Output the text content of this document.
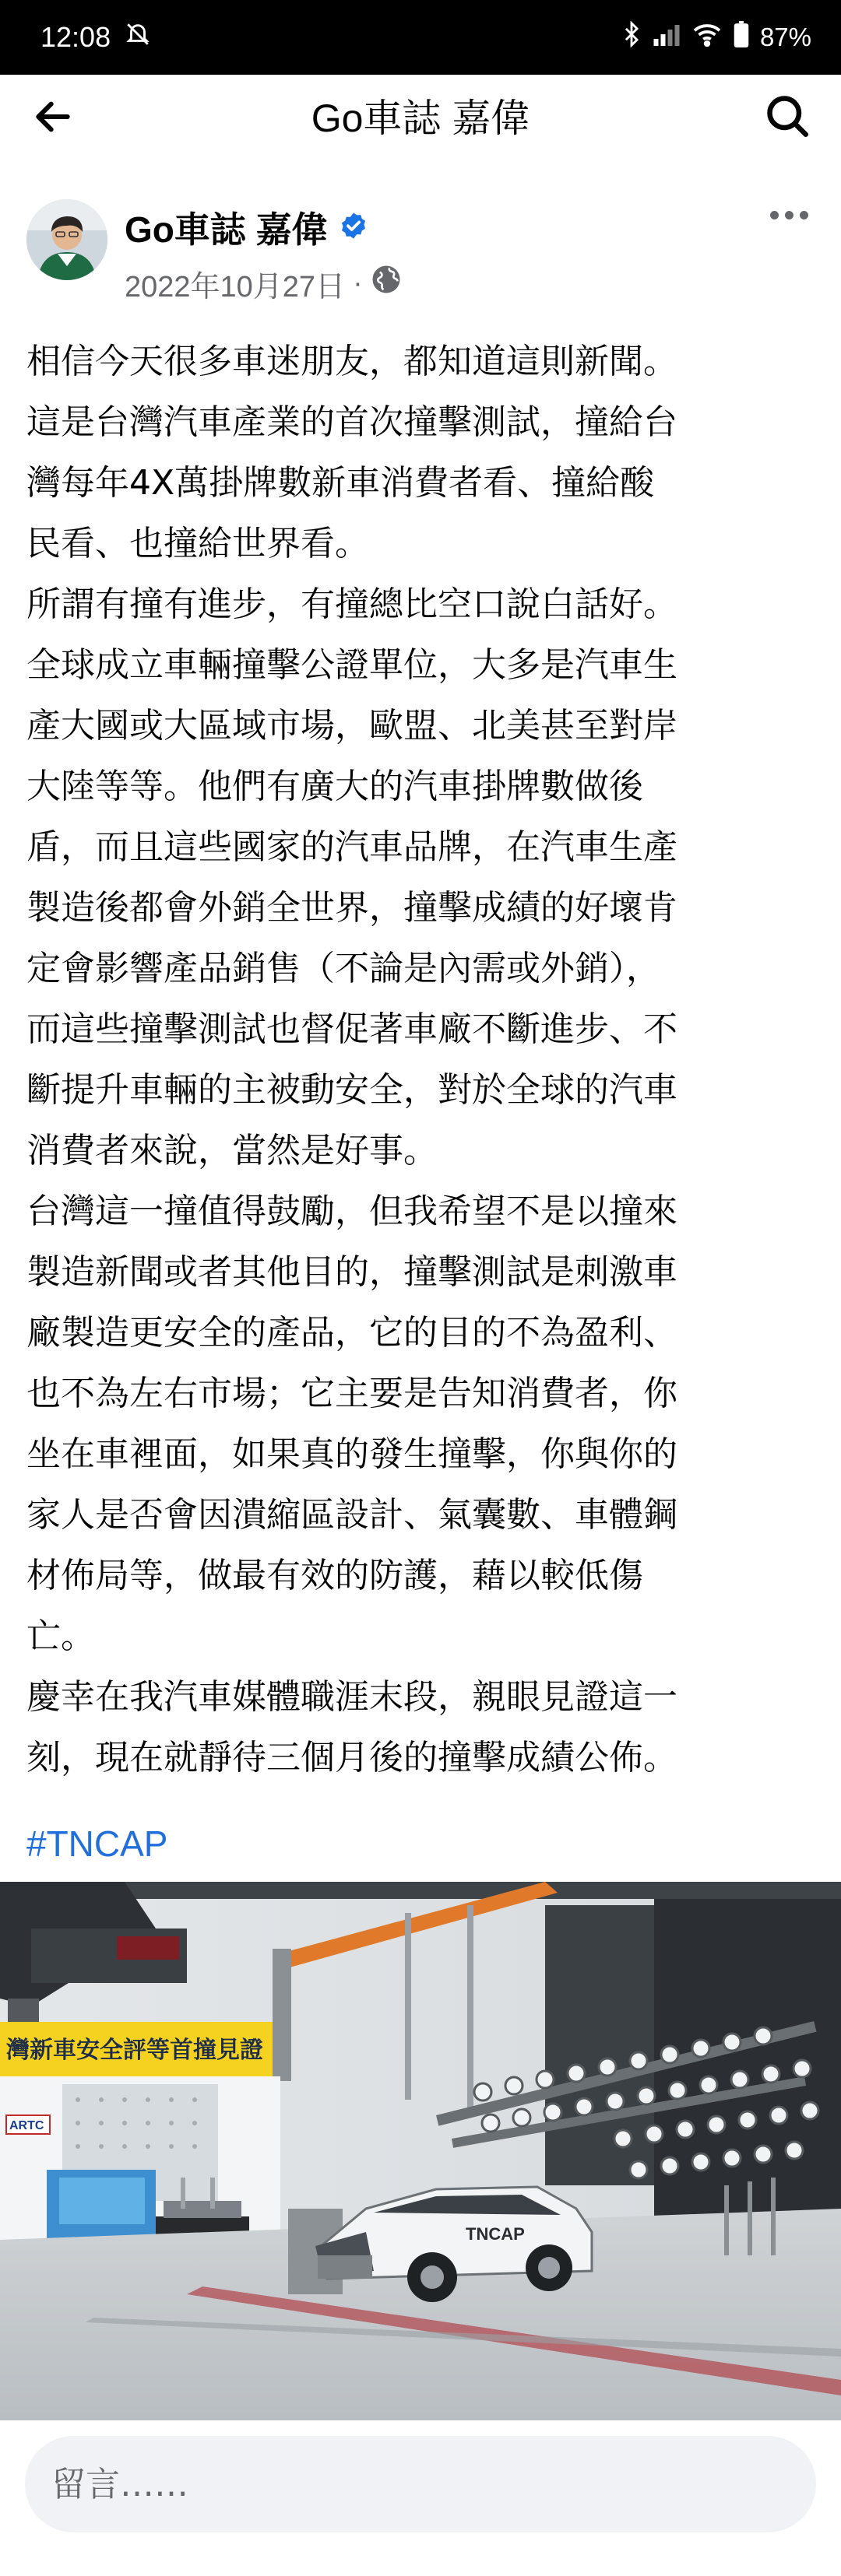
12:08	87%
Go車誌 嘉偉
Go車誌 嘉偉
2022年10月27日 ·
相信今天很多車迷朋友，都知道這則新聞。
這是台灣汽車產業的首次撞擊測試，撞給台
灣每年4X萬掛牌數新車消費者看、撞給酸
民看、也撞給世界看。
所謂有撞有進步，有撞總比空口說白話好。
全球成立車輛撞擊公證單位，大多是汽車生
產大國或大區域市場，歐盟、北美甚至對岸
大陸等等。他們有廣大的汽車掛牌數做後
盾，而且這些國家的汽車品牌，在汽車生產
製造後都會外銷全世界，撞擊成績的好壞肯
定會影響產品銷售（不論是內需或外銷），
而這些撞擊測試也督促著車廠不斷進步、不
斷提升車輛的主被動安全，對於全球的汽車
消費者來說，當然是好事。
台灣這一撞值得鼓勵，但我希望不是以撞來
製造新聞或者其他目的，撞擊測試是刺激車
廠製造更安全的產品，它的目的不為盈利、
也不為左右市場；它主要是告知消費者，你
坐在車裡面，如果真的發生撞擊，你與你的
家人是否會因潰縮區設計、氣囊數、車體鋼
材佈局等，做最有效的防護，藉以較低傷
亡。
慶幸在我汽車媒體職涯末段，親眼見證這一
刻，現在就靜待三個月後的撞擊成績公佈。
#TNCAP
灣新車安全評等首撞見證
ARTC
TNCAP
留言……
